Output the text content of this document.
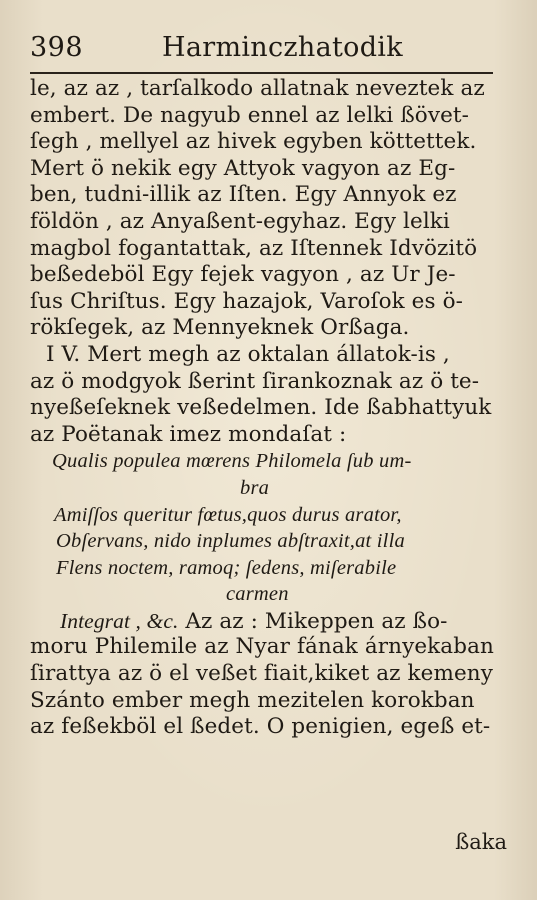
398	Harminczhatodik
le, az az , tarſalkodo allatnak neveztek az
embert. De nagyub ennel az lelki ßövet-
ſegh , mellyel az hivek egyben köttettek.
Mert ö nekik egy Attyok vagyon az Eg-
ben, tudni-illik az Iſten. Egy Annyok ez
földön , az Anyaßent-egyhaz. Egy lelki
magbol fogantattak, az Iſtennek Idvözitö
beßedeböl Egy fejek vagyon , az Ur Je-
ſus Chriſtus. Egy hazajok, Varoſok es ö-
rökſegek, az Mennyeknek Orßaga.
I V. Mert megh az oktalan állatok-is ,
az ö modgyok ßerint ſirankoznak az ö te-
nyeßeſeknek veßedelmen. Ide ßabhattyuk
az Poëtanak imez mondaſat :
Qualis populea mœrens Philomela ſub um-
bra
Amiſſos queritur fœtus,quos durus arator,
Obſervans, nido inplumes abſtraxit,at illa
Flens noctem, ramoq; ſedens, miſerabile
carmen
Integrat , &c. Az az : Mikeppen az ßo-
moru Philemile az Nyar fának árnyekaban
ſirattya az ö el veßet fiait,kiket az kemeny
Szánto ember megh mezitelen korokban
az feßekböl el ßedet. O penigien, egeß et-
ßaka
